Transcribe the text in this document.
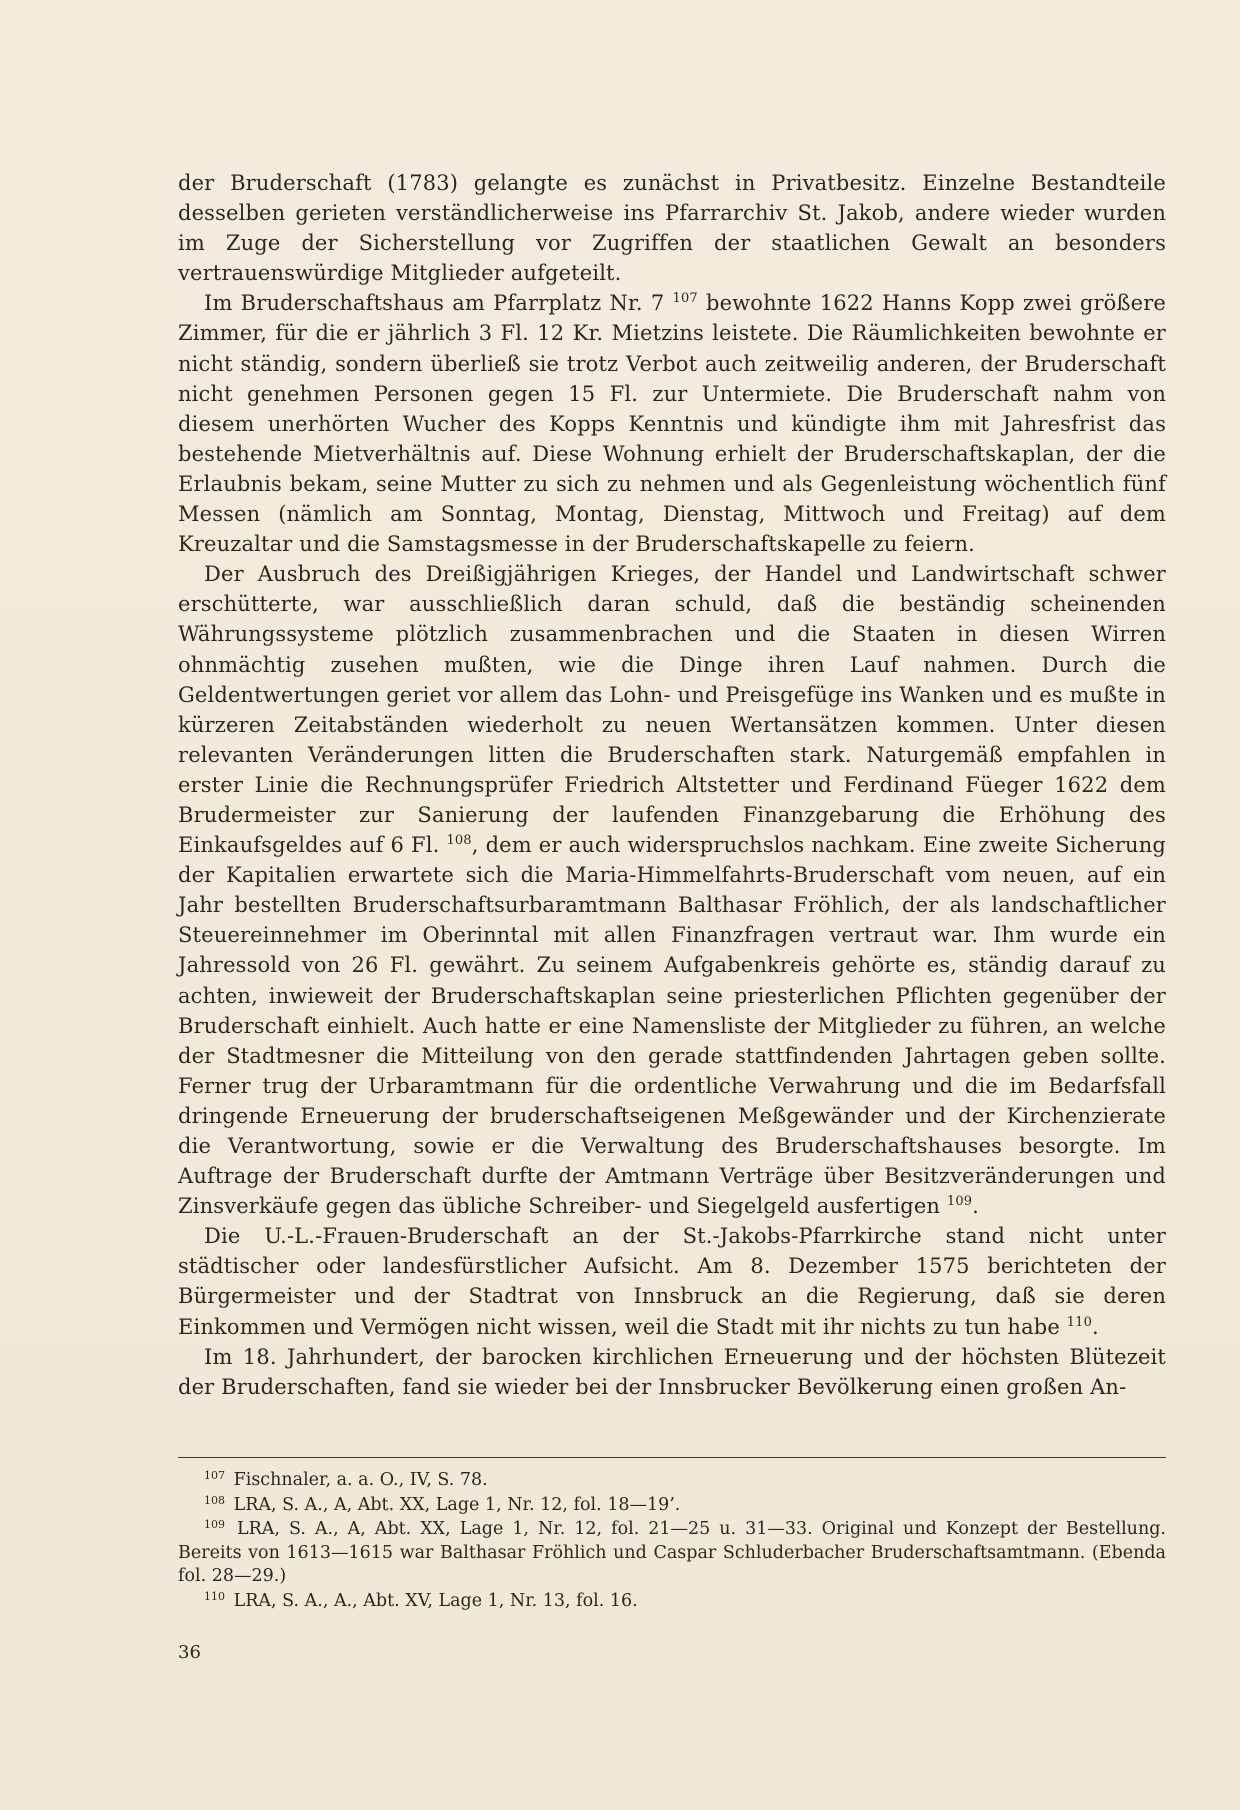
der Bruderschaft (1783) gelangte es zunächst in Privatbesitz. Einzelne Bestandteile desselben gerieten verständlicherweise ins Pfarrarchiv St. Jakob, andere wieder wurden im Zuge der Sicherstellung vor Zugriffen der staatlichen Gewalt an besonders vertrauenswürdige Mitglieder aufgeteilt.

Im Bruderschaftshaus am Pfarrplatz Nr. 7 $^{107}$ bewohnte 1622 Hanns Kopp zwei größere Zimmer, für die er jährlich 3 Fl. 12 Kr. Mietzins leistete. Die Räumlichkeiten bewohnte er nicht ständig, sondern überließ sie trotz Verbot auch zeitweilig anderen, der Bruderschaft nicht genehmen Personen gegen 15 Fl. zur Untermiete. Die Bruderschaft nahm von diesem unerhörten Wucher des Kopps Kenntnis und kündigte ihm mit Jahresfrist das bestehende Mietverhältnis auf. Diese Wohnung erhielt der Bruderschaftskaplan, der die Erlaubnis bekam, seine Mutter zu sich zu nehmen und als Gegenleistung wöchentlich fünf Messen (nämlich am Sonntag, Montag, Dienstag, Mittwoch und Freitag) auf dem Kreuzaltar und die Samstagsmesse in der Bruderschaftskapelle zu feiern.

Der Ausbruch des Dreißigjährigen Krieges, der Handel und Landwirtschaft schwer erschütterte, war ausschließlich daran schuld, daß die beständig scheinenden Währungssysteme plötzlich zusammenbrachen und die Staaten in diesen Wirren ohnmächtig zusehen mußten, wie die Dinge ihren Lauf nahmen. Durch die Geldentwertungen geriet vor allem das Lohn- und Preisgefüge ins Wanken und es mußte in kürzeren Zeitabständen wiederholt zu neuen Wertansätzen kommen. Unter diesen relevanten Veränderungen litten die Bruderschaften stark. Naturgemäß empfahlen in erster Linie die Rechnungsprüfer Friedrich Altstetter und Ferdinand Füeger 1622 dem Brudermeister zur Sanierung der laufenden Finanzgebarung die Erhöhung des Einkaufsgeldes auf 6 Fl. $^{108}$, dem er auch widerspruchslos nachkam. Eine zweite Sicherung der Kapitalien erwartete sich die Maria-Himmelfahrts-Bruderschaft vom neuen, auf ein Jahr bestellten Bruderschaftsurbaramtmann Balthasar Fröhlich, der als landschaftlicher Steuereinnehmer im Oberinntal mit allen Finanzfragen vertraut war. Ihm wurde ein Jahressold von 26 Fl. gewährt. Zu seinem Aufgabenkreis gehörte es, ständig darauf zu achten, inwieweit der Bruderschaftskaplan seine priesterlichen Pflichten gegenüber der Bruderschaft einhielt. Auch hatte er eine Namensliste der Mitglieder zu führen, an welche der Stadtmesner die Mitteilung von den gerade stattfindenden Jahrtagen geben sollte. Ferner trug der Urbaramtmann für die ordentliche Verwahrung und die im Bedarfsfall dringende Erneuerung der bruderschaftseigenen Meßgewänder und der Kirchenzierate die Verantwortung, sowie er die Verwaltung des Bruderschaftshauses besorgte. Im Auftrage der Bruderschaft durfte der Amtmann Verträge über Besitzveränderungen und Zinsverkäufe gegen das übliche Schreiber- und Siegelgeld ausfertigen $^{109}$.

Die U.-L.-Frauen-Bruderschaft an der St.-Jakobs-Pfarrkirche stand nicht unter städtischer oder landesfürstlicher Aufsicht. Am 8. Dezember 1575 berichteten der Bürgermeister und der Stadtrat von Innsbruck an die Regierung, daß sie deren Einkommen und Vermögen nicht wissen, weil die Stadt mit ihr nichts zu tun habe $^{110}$.

Im 18. Jahrhundert, der barocken kirchlichen Erneuerung und der höchsten Blütezeit der Bruderschaften, fand sie wieder bei der Innsbrucker Bevölkerung einen großen An-

$^{107}$ Fischnaler, a. a. O., IV, S. 78.
$^{108}$ LRA, S. A., A, Abt. XX, Lage 1, Nr. 12, fol. 18—19’.
$^{109}$ LRA, S. A., A, Abt. XX, Lage 1, Nr. 12, fol. 21—25 u. 31—33. Original und Konzept der Bestellung. Bereits von 1613—1615 war Balthasar Fröhlich und Caspar Schluderbacher Bruderschaftsamtmann. (Ebenda fol. 28—29.)
$^{110}$ LRA, S. A., A., Abt. XV, Lage 1, Nr. 13, fol. 16.
36
